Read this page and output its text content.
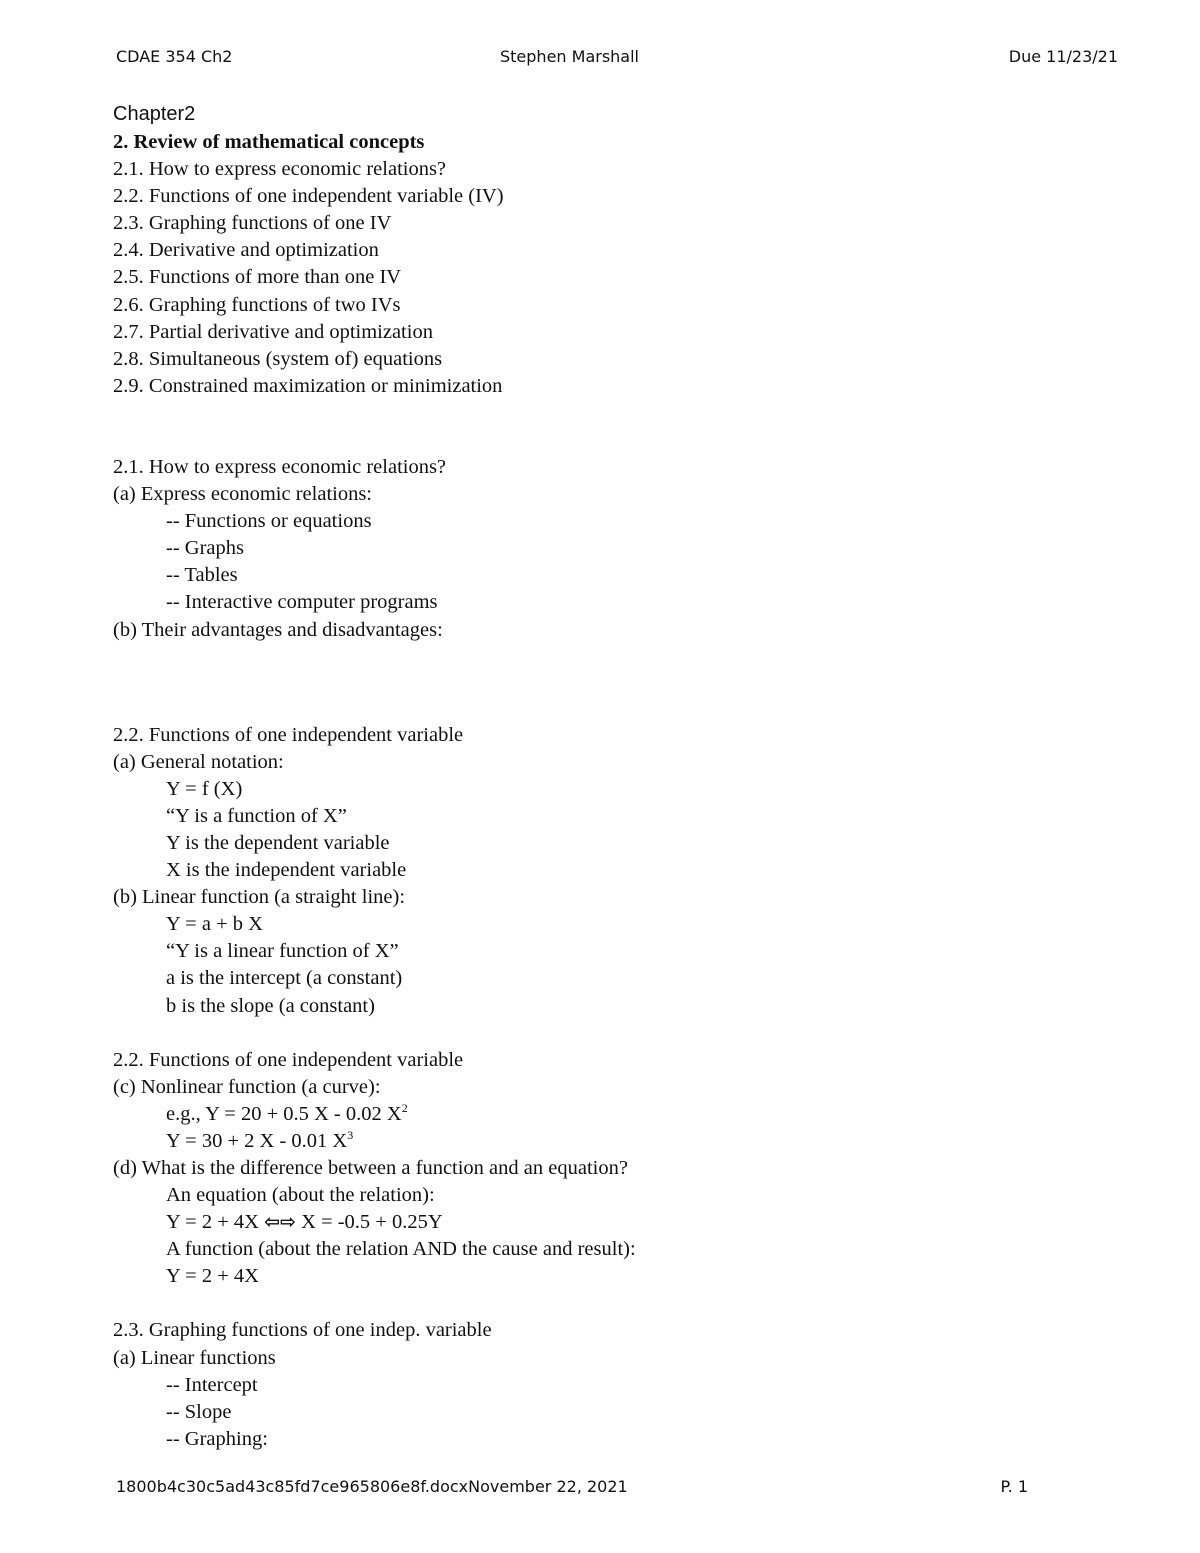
CDAE 354 Ch2	Stephen Marshall	Due 11/23/21
Chapter2
2. Review of mathematical concepts
2.1. How to express economic relations?
2.2. Functions of one independent variable (IV)
2.3. Graphing functions of one IV
2.4. Derivative and optimization
2.5. Functions of more than one IV
2.6. Graphing functions of two IVs
2.7. Partial derivative and optimization
2.8. Simultaneous (system of) equations
2.9. Constrained maximization or minimization
2.1. How to express economic relations?
(a) Express economic relations:
-- Functions or equations
-- Graphs
-- Tables
-- Interactive computer programs
(b) Their advantages and disadvantages:
2.2. Functions of one independent variable
(a) General notation:
Y = f (X)
“Y is a function of X”
Y is the dependent variable
X is the independent variable
(b) Linear function (a straight line):
Y = a + b X
“Y is a linear function of X”
a is the intercept (a constant)
b is the slope (a constant)
2.2. Functions of one independent variable
(c) Nonlinear function (a curve):
e.g., Y = 20 + 0.5 X - 0.02 $X^2$
Y = 30 + 2 X - 0.01 $X^3$
(d) What is the difference between a function and an equation?
An equation (about the relation):
Y = 2 + 4X ⇦⇨ X = -0.5 + 0.25Y
A function (about the relation AND the cause and result):
Y = 2 + 4X
2.3. Graphing functions of one indep. variable
(a) Linear functions
-- Intercept
-- Slope
-- Graphing:
1800b4c30c5ad43c85fd7ce965806e8f.docxNovember 22, 2021	P. 1
